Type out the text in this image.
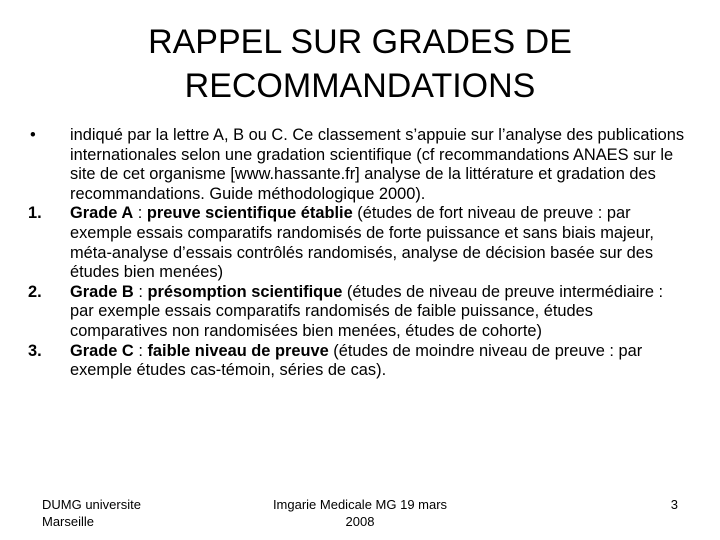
RAPPEL SUR GRADES DE
RECOMMANDATIONS
•	indiqué par la lettre A, B ou C. Ce classement s’appuie sur l’analyse des publications internationales selon une gradation scientifique (cf recommandations ANAES sur le site de cet organisme [www.hassante.fr] analyse de la littérature et gradation des recommandations. Guide méthodologique 2000).
1.	Grade A : preuve scientifique établie (études de fort niveau de preuve : par exemple essais comparatifs randomisés de forte puissance et sans biais majeur, méta-analyse d’essais contrôlés randomisés, analyse de décision basée sur des études bien menées)
2.	Grade B : présomption scientifique (études de niveau de preuve intermédiaire : par exemple essais comparatifs randomisés de faible puissance, études comparatives non randomisées bien menées, études de cohorte)
3.	Grade C : faible niveau de preuve (études de moindre niveau de preuve : par exemple études cas-témoin, séries de cas).
DUMG universite
Marseille
Imgarie Medicale MG 19 mars
2008
3
